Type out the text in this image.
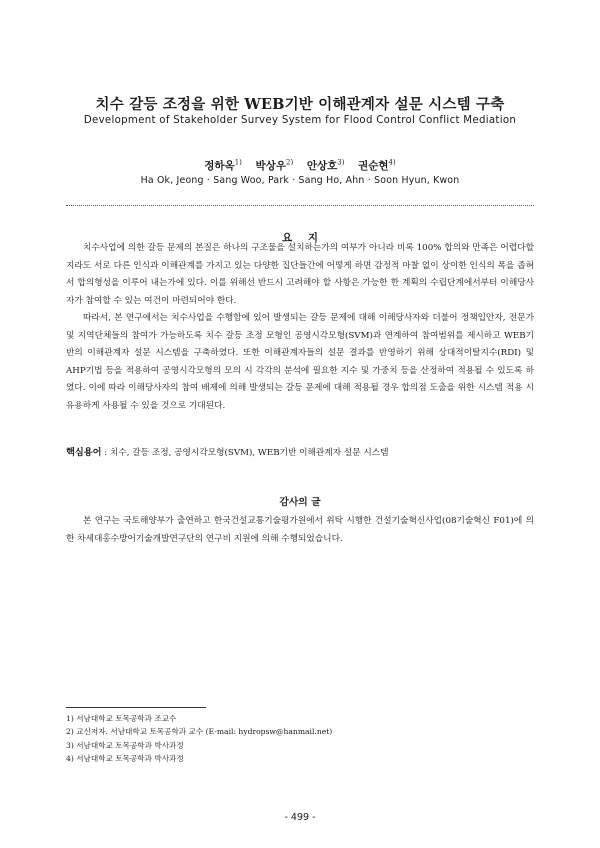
치수 갈등 조정을 위한 WEB기반 이해관계자 설문 시스템 구축
Development of Stakeholder Survey System for Flood Control Conflict Mediation
정하옥$^{1)}$ 박상우$^{2)}$ 안상호$^{3)}$ 권순현$^{4)}$
Ha Ok, Jeong · Sang Woo, Park · Sang Ho, Ahn · Soon Hyun, Kwon
요 지

치수사업에 의한 갈등 문제의 본질은 하나의 구조물을 설치하는가의 여부가 아니라 비록 100% 합의와 만족은 어렵다할지라도 서로 다른 인식과 이해관계를 가지고 있는 다양한 집단들간에 어떻게 하면 감정적 마찰 없이 상이한 인식의 폭을 좁혀서 합의형성을 이루어 내는가에 있다. 이를 위해선 반드시 고려해야 할 사항은 가능한 한 계획의 수립단계에서부터 이해당사자가 참여할 수 있는 여건이 마련되어야 한다.

따라서, 본 연구에서는 치수사업을 수행함에 있어 발생되는 갈등 문제에 대해 이해당사자와 더불어 정책입안자, 전문가 및 지역단체들의 참여가 가능하도록 치수 갈등 조정 모형인 공영시각모형(SVM)과 연계하여 참여범위를 제시하고 WEB기반의 이해관계자 설문 시스템을 구축하였다. 또한 이해관계자들의 설문 결과를 반영하기 위해 상대적이탈지수(RDI) 및 AHP기법 등을 적용하여 공영시각모형의 모의 시 각각의 분석에 필요한 지수 및 가중치 등을 산정하여 적용될 수 있도록 하였다. 이에 따라 이해당사자의 참여 배제에 의해 발생되는 갈등 문제에 대해 적용될 경우 합의점 도출을 위한 시스템 적용 시 유용하게 사용될 수 있을 것으로 기대된다.

핵심용어 : 치수, 갈등 조정, 공영시각모형(SVM), WEB기반 이해관계자 설문 시스템
감사의 글

본 연구는 국토해양부가 출연하고 한국건설교통기술평가원에서 위탁 시행한 건설기술혁신사업(08기술혁신 F01)에 의한 차세대홍수방어기술개발연구단의 연구비 지원에 의해 수행되었습니다.

1) 서남대학교 토목공학과 조교수
2) 교신저자. 서남대학교 토목공학과 교수 (E-mail: hydropsw@hanmail.net)
3) 서남대학교 토목공학과 박사과정
4) 서남대학교 토목공학과 박사과정
- 499 -
